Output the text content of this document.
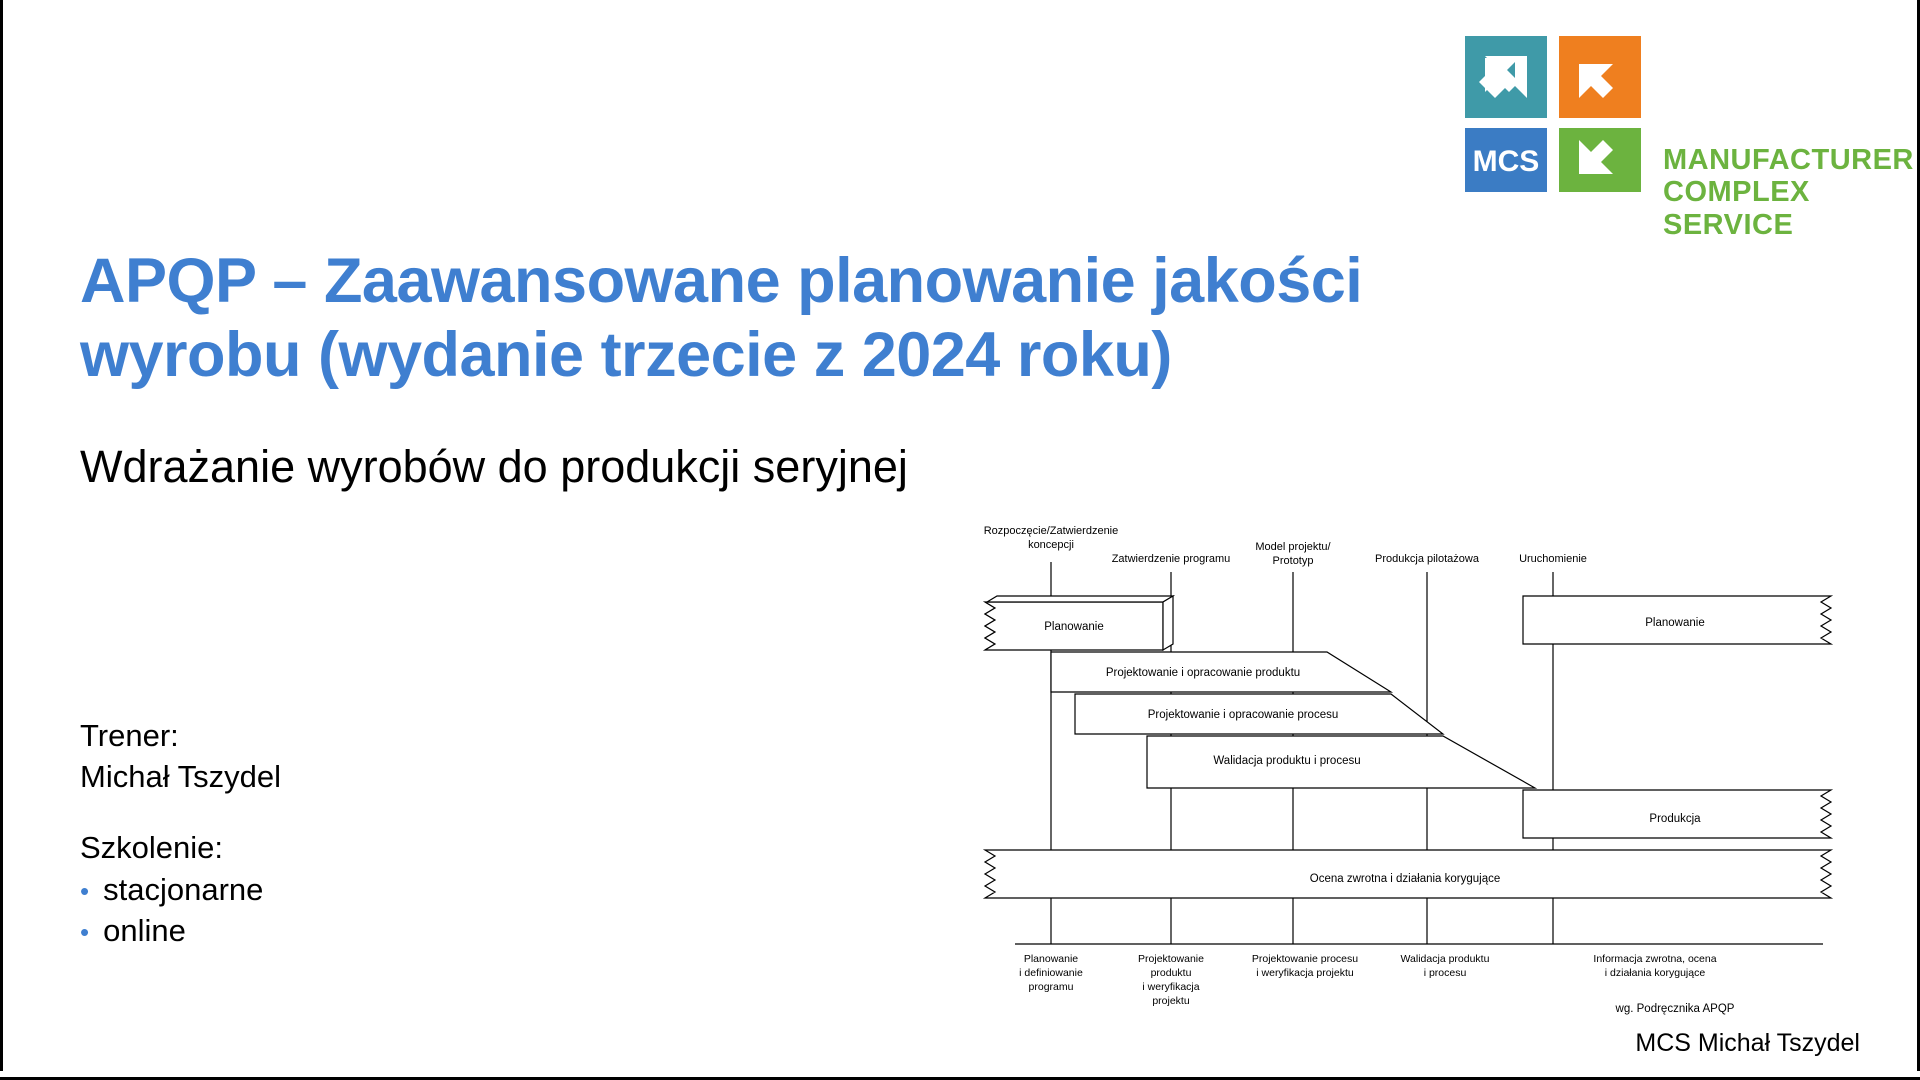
MCS	MANUFACTURER
COMPLEX
SERVICE
APQP – Zaawansowane planowanie jakości
wyrobu (wydanie trzecie z 2024 roku)
Wdrażanie wyrobów do produkcji seryjnej
Trener:
Michał Tszydel
Szkolenie:
• stacjonarne
• online
MCS Michał Tszydel
Rozpoczęcie/Zatwierdzenie
koncepcji
Zatwierdzenie programu
Model projektu/
Prototyp	Produkcja pilotażowa	Uruchomienie
Planowanie
Projektowanie i opracowanie produktu
Projektowanie i opracowanie procesu
Walidacja produktu i procesu
Planowanie
Produkcja
Ocena zwrotna i działania korygujące
Planowanie
i definiowanie
programu
Projektowanie
produktu
i weryfikacja
projektu
Projektowanie procesu
i weryfikacja projektu
Walidacja produktu
i procesu
Informacja zwrotna, ocena
i działania korygujące
wg. Podręcznika APQP
